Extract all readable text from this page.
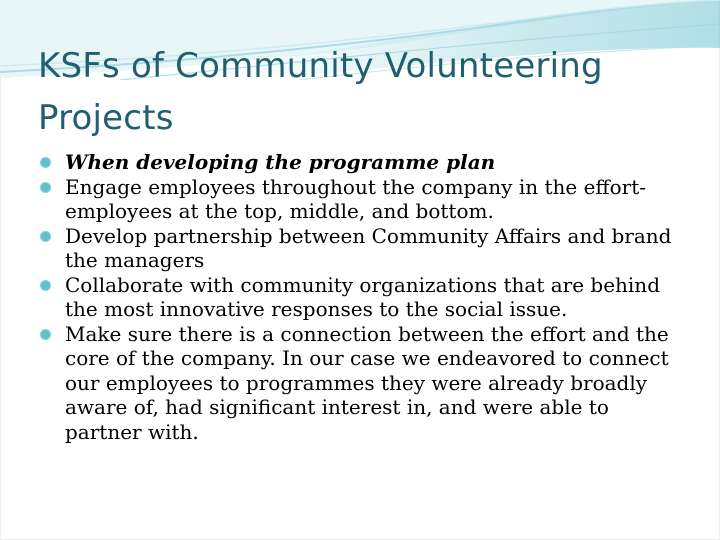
KSFs of Community Volunteering Projects
When developing the programme plan
Engage employees throughout the company in the effort- employees at the top, middle, and bottom.
Develop partnership between Community Affairs and brand the managers
Collaborate with community organizations that are behind the most innovative responses to the social issue.
Make sure there is a connection between the effort and the core of the company. In our case we endeavored to connect our employees to programmes they were already broadly aware of, had significant interest in, and were able to partner with.
